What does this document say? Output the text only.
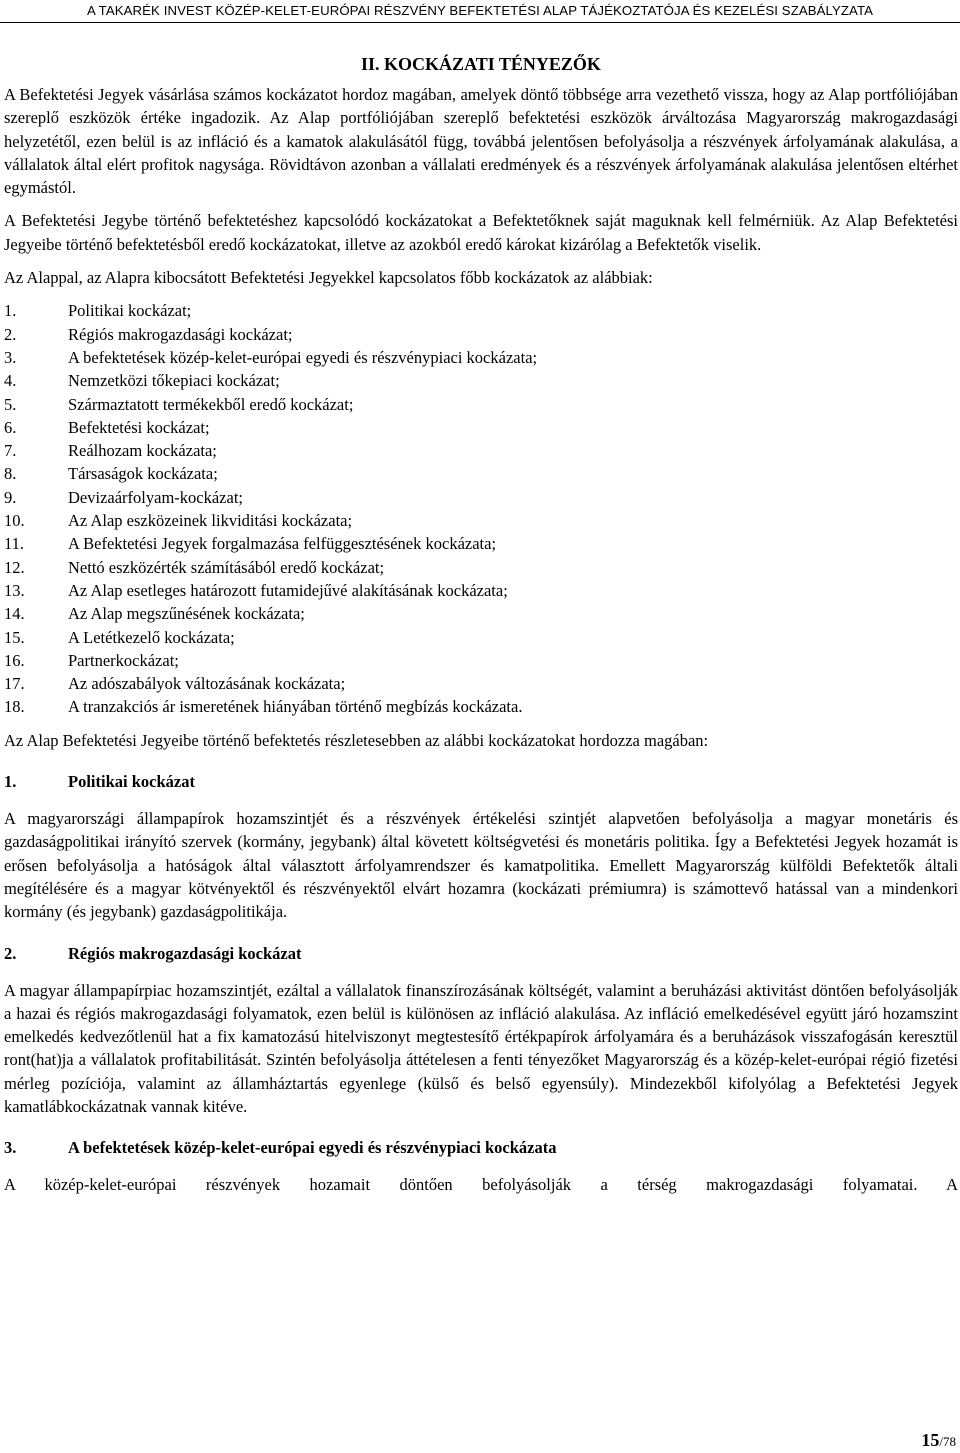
A TAKARÉK INVEST KÖZÉP-KELET-EURÓPAI RÉSZVÉNY BEFEKTETÉSI ALAP TÁJÉKOZTATÓJA ÉS KEZELÉSI SZABÁLYZATA
II. KOCKÁZATI TÉNYEZŐK

A Befektetési Jegyek vásárlása számos kockázatot hordoz magában, amelyek döntő többsége arra vezethető vissza, hogy az Alap portfóliójában szereplő eszközök értéke ingadozik. Az Alap portfóliójában szereplő befektetési eszközök árváltozása Magyarország makrogazdasági helyzetétől, ezen belül is az infláció és a kamatok alakulásától függ, továbbá jelentősen befolyásolja a részvények árfolyamának alakulása, a vállalatok által elért profitok nagysága. Rövidtávon azonban a vállalati eredmények és a részvények árfolyamának alakulása jelentősen eltérhet egymástól.

A Befektetési Jegybe történő befektetéshez kapcsolódó kockázatokat a Befektetőknek saját maguknak kell felmérniük. Az Alap Befektetési Jegyeibe történő befektetésből eredő kockázatokat, illetve az azokból eredő károkat kizárólag a Befektetők viselik.

Az Alappal, az Alapra kibocsátott Befektetési Jegyekkel kapcsolatos főbb kockázatok az alábbiak:

1.	Politikai kockázat;
2.	Régiós makrogazdasági kockázat;
3.	A befektetések közép-kelet-európai egyedi és részvénypiaci kockázata;
4.	Nemzetközi tőkepiaci kockázat;
5.	Származtatott termékekből eredő kockázat;
6.	Befektetési kockázat;
7.	Reálhozam kockázata;
8.	Társaságok kockázata;
9.	Devizaárfolyam-kockázat;
10.	Az Alap eszközeinek likviditási kockázata;
11.	A Befektetési Jegyek forgalmazása felfüggesztésének kockázata;
12.	Nettó eszközérték számításából eredő kockázat;
13.	Az Alap esetleges határozott futamidejűvé alakításának kockázata;
14.	Az Alap megszűnésének kockázata;
15.	A Letétkezelő kockázata;
16.	Partnerkockázat;
17.	Az adószabályok változásának kockázata;
18.	A tranzakciós ár ismeretének hiányában történő megbízás kockázata.

Az Alap Befektetési Jegyeibe történő befektetés részletesebben az alábbi kockázatokat hordozza magában:

1.	Politikai kockázat

A magyarországi állampapírok hozamszintjét és a részvények értékelési szintjét alapvetően befolyásolja a magyar monetáris és gazdaságpolitikai irányító szervek (kormány, jegybank) által követett költségvetési és monetáris politika. Így a Befektetési Jegyek hozamát is erősen befolyásolja a hatóságok által választott árfolyamrendszer és kamatpolitika. Emellett Magyarország külföldi Befektetők általi megítélésére és a magyar kötvényektől és részvényektől elvárt hozamra (kockázati prémiumra) is számottevő hatással van a mindenkori kormány (és jegybank) gazdaságpolitikája.

2.	Régiós makrogazdasági kockázat

A magyar állampapírpiac hozamszintjét, ezáltal a vállalatok finanszírozásának költségét, valamint a beruházási aktivitást döntően befolyásolják a hazai és régiós makrogazdasági folyamatok, ezen belül is különösen az infláció alakulása. Az infláció emelkedésével együtt járó hozamszint emelkedés kedvezőtlenül hat a fix kamatozású hitelviszonyt megtestesítő értékpapírok árfolyamára és a beruházások visszafogásán keresztül ront(hat)ja a vállalatok profitabilitását. Szintén befolyásolja áttételesen a fenti tényezőket Magyarország és a közép-kelet-európai régió fizetési mérleg pozíciója, valamint az államháztartás egyenlege (külső és belső egyensúly). Mindezekből kifolyólag a Befektetési Jegyek kamatlábkockázatnak vannak kitéve.

3.	A befektetések közép-kelet-európai egyedi és részvénypiaci kockázata

A közép-kelet-európai részvények hozamait döntően befolyásolják a térség makrogazdasági folyamatai. A

15/78
